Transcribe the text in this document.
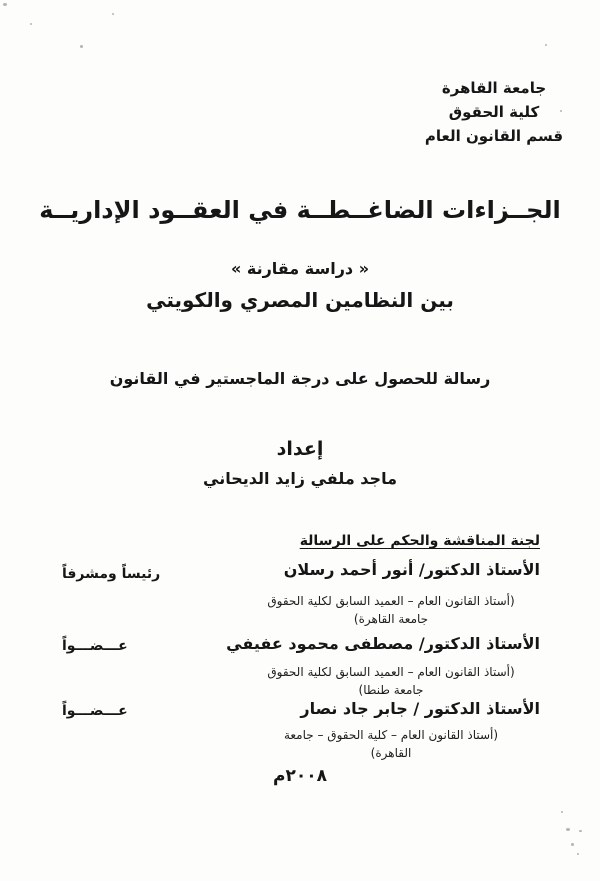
جامعة القاهرة
كلية الحقوق
قسم القانون العام
الجــزاءات الضاغــطــة في العقــود الإداريــة
« دراسة مقارنة »
بين النظامين المصري والكويتي
رسالة للحصول على درجة الماجستير في القانون
إعداد
ماجد ملفي زايد الديحاني
لجنة المناقشة والحكم على الرسالة
الأستاذ الدكتور/ أنور أحمد رسلان
(أستاذ القانون العام – العميد السابق لكلية الحقوق
جامعة القاهرة)
رئيساً ومشرفاً
الأستاذ الدكتور/ مصطفى محمود عفيفي
(أستاذ القانون العام – العميد السابق لكلية الحقوق
جامعة طنطا)
عـــضـــواً
الأستاذ الدكتور / جابر جاد نصار
(أستاذ القانون العام – كلية الحقوق – جامعة القاهرة)
عـــضـــواً
٢٠٠٨م
